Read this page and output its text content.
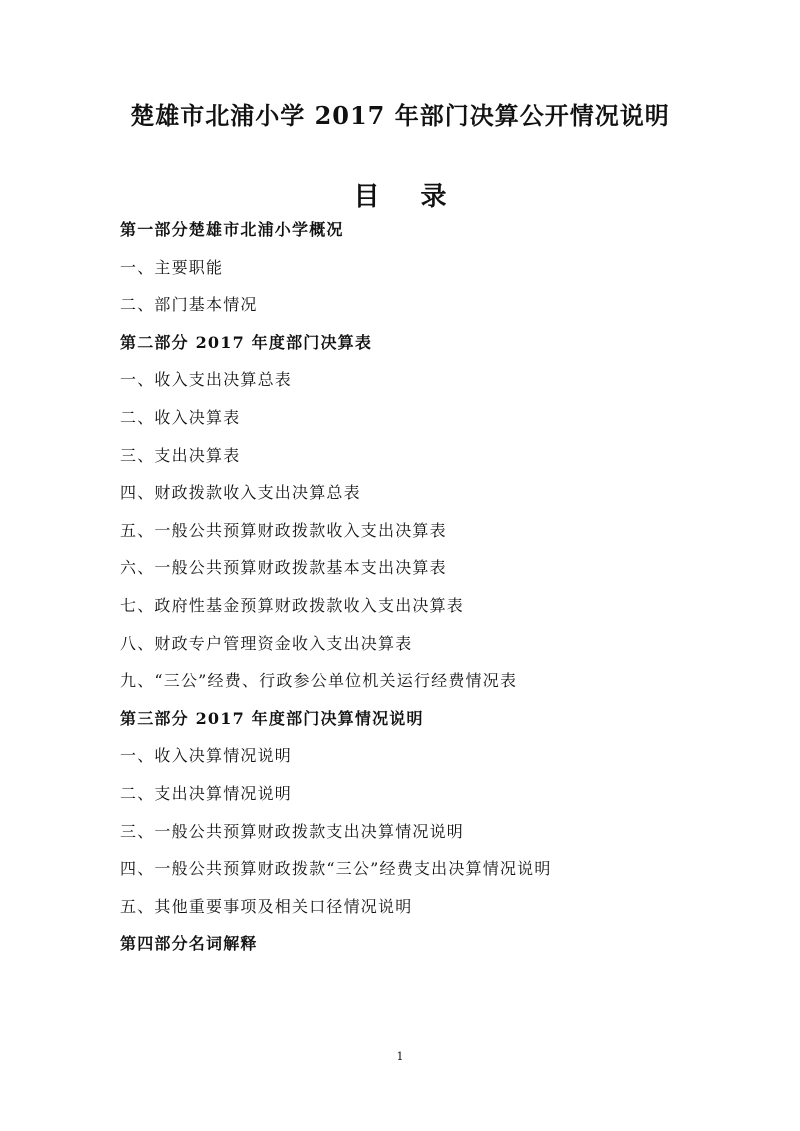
楚雄市北浦小学 2017 年部门决算公开情况说明
目 录
第一部分楚雄市北浦小学概况
一、主要职能
二、部门基本情况
第二部分 2017 年度部门决算表
一、收入支出决算总表
二、收入决算表
三、支出决算表
四、财政拨款收入支出决算总表
五、一般公共预算财政拨款收入支出决算表
六、一般公共预算财政拨款基本支出决算表
七、政府性基金预算财政拨款收入支出决算表
八、财政专户管理资金收入支出决算表
九、“三公”经费、行政参公单位机关运行经费情况表
第三部分 2017 年度部门决算情况说明
一、收入决算情况说明
二、支出决算情况说明
三、一般公共预算财政拨款支出决算情况说明
四、一般公共预算财政拨款“三公”经费支出决算情况说明
五、其他重要事项及相关口径情况说明
第四部分名词解释
1
